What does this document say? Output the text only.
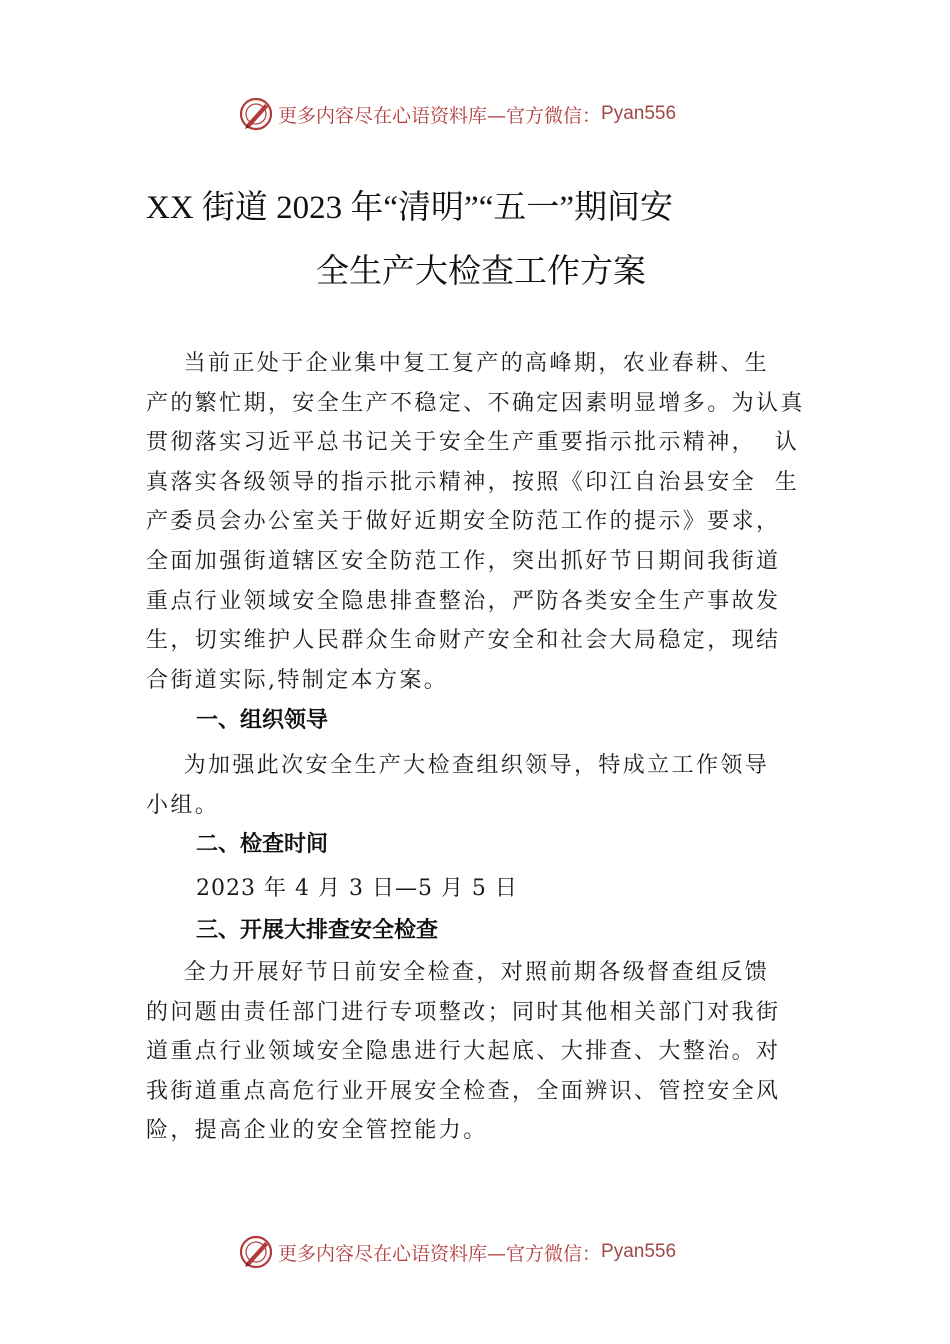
更多内容尽在心语资料库—官方微信： Pyan556
XX 街道 2023 年“清明”“五一”期间安
全生产大检查工作方案
当前正处于企业集中复工复产的高峰期，农业春耕、生
产的繁忙期，安全生产不稳定、不确定因素明显增多。为认真
贯彻落实习近平总书记关于安全生产重要指示批示精神，  认
真落实各级领导的指示批示精神，按照《印江自治县安全  生
产委员会办公室关于做好近期安全防范工作的提示》要求，
全面加强街道辖区安全防范工作，突出抓好节日期间我街道
重点行业领域安全隐患排查整治，严防各类安全生产事故发
生，切实维护人民群众生命财产安全和社会大局稳定，现结
合街道实际,特制定本方案。
一、组织领导
为加强此次安全生产大检查组织领导，特成立工作领导
小组。
二、检查时间
2023 年 4 月 3 日—5 月 5 日
三、开展大排查安全检查
全力开展好节日前安全检查，对照前期各级督查组反馈
的问题由责任部门进行专项整改；同时其他相关部门对我街
道重点行业领域安全隐患进行大起底、大排查、大整治。对
我街道重点高危行业开展安全检查，全面辨识、管控安全风
险，提高企业的安全管控能力。
更多内容尽在心语资料库—官方微信： Pyan556
